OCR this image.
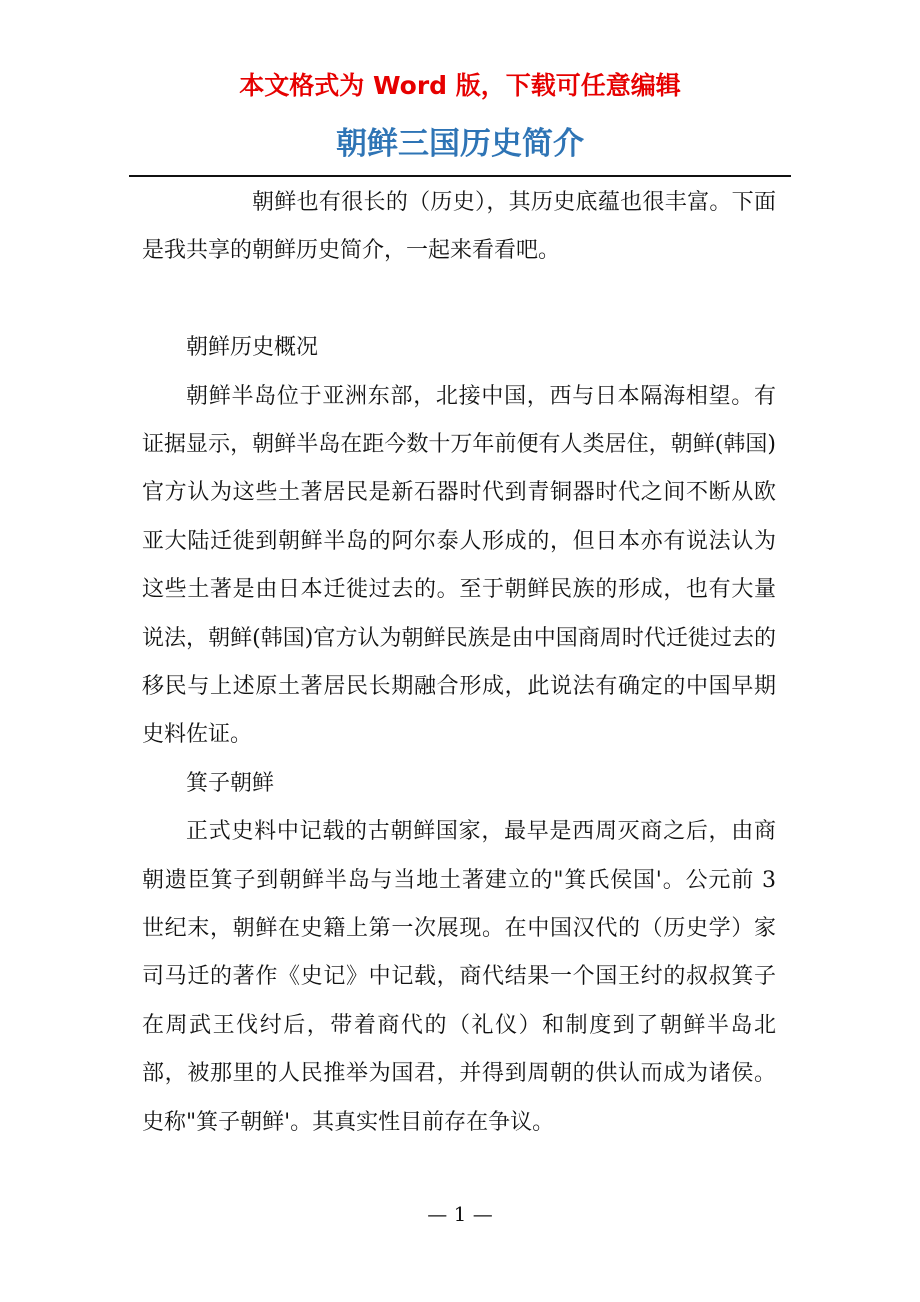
本文格式为 Word 版，下载可任意编辑
朝鲜三国历史简介

朝鲜也有很长的（历史），其历史底蕴也很丰富。下面是我共享的朝鲜历史简介，一起来看看吧。

朝鲜历史概况

朝鲜半岛位于亚洲东部，北接中国，西与日本隔海相望。有证据显示，朝鲜半岛在距今数十万年前便有人类居住，朝鲜(韩国)官方认为这些土著居民是新石器时代到青铜器时代之间不断从欧亚大陆迁徙到朝鲜半岛的阿尔泰人形成的，但日本亦有说法认为这些土著是由日本迁徙过去的。至于朝鲜民族的形成，也有大量说法，朝鲜(韩国)官方认为朝鲜民族是由中国商周时代迁徙过去的移民与上述原土著居民长期融合形成，此说法有确定的中国早期史料佐证。

箕子朝鲜

正式史料中记载的古朝鲜国家，最早是西周灭商之后，由商朝遗臣箕子到朝鲜半岛与当地土著建立的"箕氏侯国'。公元前 3 世纪末，朝鲜在史籍上第一次展现。在中国汉代的（历史学）家司马迁的著作《史记》中记载，商代结果一个国王纣的叔叔箕子在周武王伐纣后，带着商代的（礼仪）和制度到了朝鲜半岛北部，被那里的人民推举为国君，并得到周朝的供认而成为诸侯。史称"箕子朝鲜'。其真实性目前存在争议。

— 1 —
